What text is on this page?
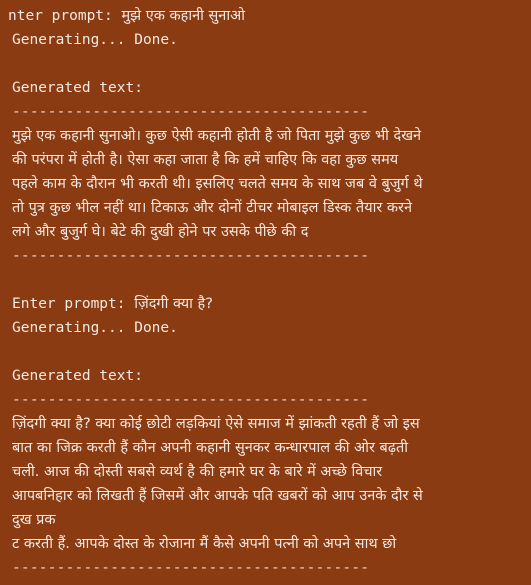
nter prompt: मुझे एक कहानी सुनाओ
Generating... Done.
Generated text:
----------------------------------------
मुझे एक कहानी सुनाओ। कुछ ऐसी कहानी होती है जो पिता मुझे कुछ भी देखने
की परंपरा में होती है। ऐसा कहा जाता है कि हमें चाहिए कि वहा कुछ समय
पहले काम के दौरान भी करती थी। इसलिए चलते समय के साथ जब वे बुजुर्ग थे
तो पुत्र कुछ भील नहीं था। टिकाऊ और दोनों टीचर मोबाइल डिस्क तैयार करने
लगे और बुजुर्ग घे। बेटे की दुखी होने पर उसके पीछे की द
----------------------------------------
Enter prompt: ज़िंदगी क्या है?
Generating... Done.
Generated text:
----------------------------------------
ज़िंदगी क्या है? क्या कोई छोटी लड़कियां ऐसे समाज में झांकती रहती हैं जो इस
बात का जिक्र करती हैं कौन अपनी कहानी सुनकर कन्धारपाल की ओर बढ़ती
चली. आज की दोस्ती सबसे व्यर्थ है की हमारे घर के बारे में अच्छे विचार
आपबनिहार को लिखती हैं जिसमें और आपके पति खबरों को आप उनके दौर से
दुख प्रक
ट करती हैं. आपके दोस्त के रोजाना मैं कैसे अपनी पत्नी को अपने साथ छो
----------------------------------------
